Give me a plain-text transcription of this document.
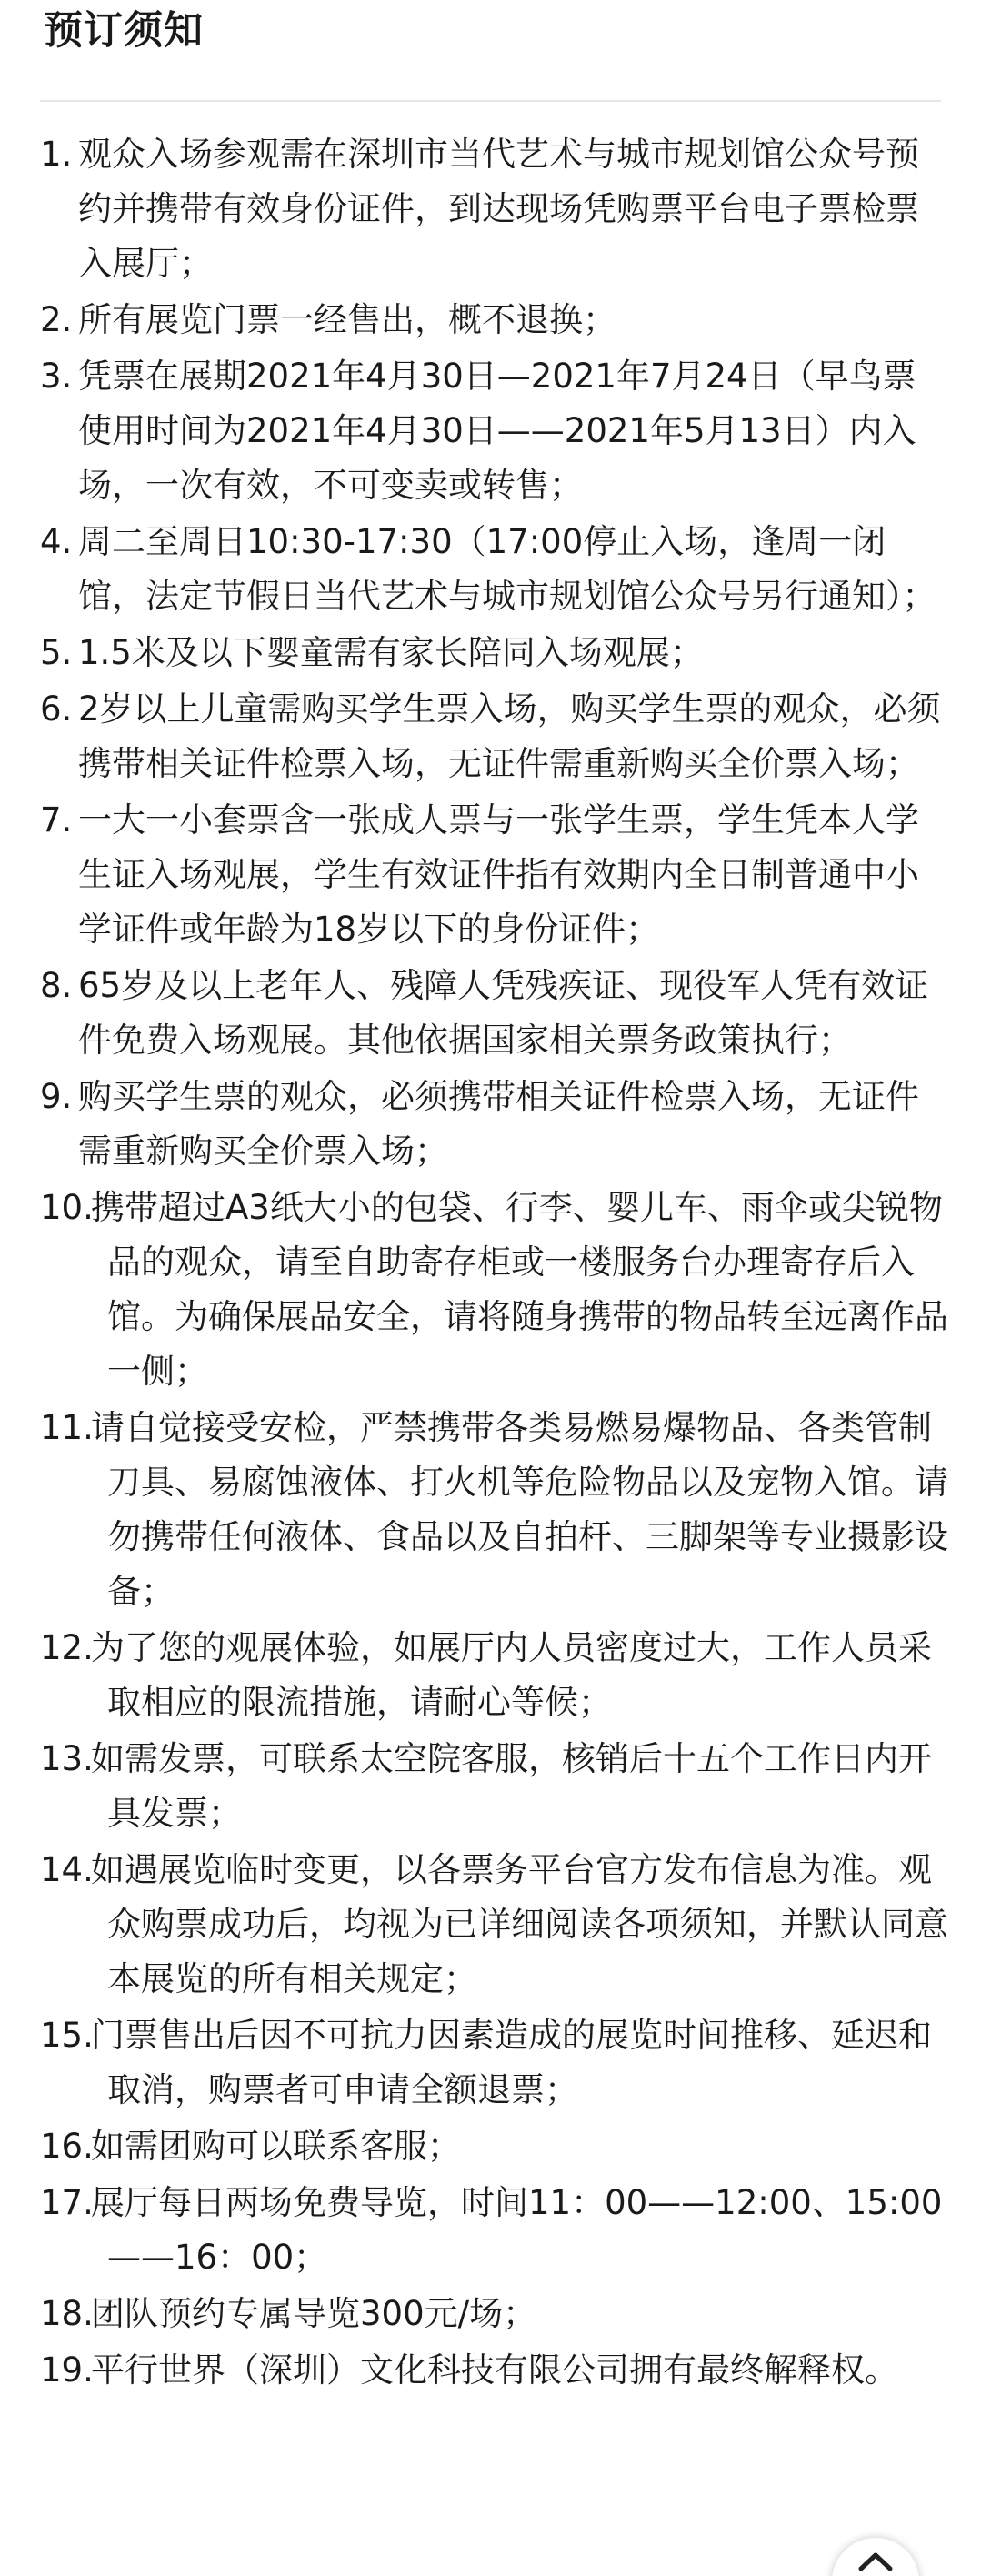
预订须知
1. 观众入场参观需在深圳市当代艺术与城市规划馆公众号预约并携带有效身份证件，到达现场凭购票平台电子票检票入展厅；
2. 所有展览门票一经售出，概不退换；
3. 凭票在展期2021年4月30日—2021年7月24日（早鸟票使用时间为2021年4月30日——2021年5月13日）内入场，一次有效，不可变卖或转售；
4. 周二至周日10:30-17:30（17:00停止入场，逢周一闭馆，法定节假日当代艺术与城市规划馆公众号另行通知）；
5. 1.5米及以下婴童需有家长陪同入场观展；
6. 2岁以上儿童需购买学生票入场，购买学生票的观众，必须携带相关证件检票入场，无证件需重新购买全价票入场；
7. 一大一小套票含一张成人票与一张学生票，学生凭本人学生证入场观展，学生有效证件指有效期内全日制普通中小学证件或年龄为18岁以下的身份证件；
8. 65岁及以上老年人、残障人凭残疾证、现役军人凭有效证件免费入场观展。其他依据国家相关票务政策执行；
9. 购买学生票的观众，必须携带相关证件检票入场，无证件需重新购买全价票入场；
10.
携带超过A3纸大小的包袋、行李、婴儿车、雨伞或尖锐物品的观众，请至自助寄存柜或一楼服务台办理寄存后入馆。为确保展品安全，请将随身携带的物品转至远离作品一侧；
11.
请自觉接受安检，严禁携带各类易燃易爆物品、各类管制刀具、易腐蚀液体、打火机等危险物品以及宠物入馆。请勿携带任何液体、食品以及自拍杆、三脚架等专业摄影设备；
12.
为了您的观展体验，如展厅内人员密度过大，工作人员采取相应的限流措施，请耐心等候；
13.
如需发票，可联系太空院客服，核销后十五个工作日内开具发票；
14.
如遇展览临时变更，以各票务平台官方发布信息为准。观众购票成功后，均视为已详细阅读各项须知，并默认同意本展览的所有相关规定；
15.
门票售出后因不可抗力因素造成的展览时间推移、延迟和取消，购票者可申请全额退票；
16.
如需团购可以联系客服；
17.
展厅每日两场免费导览，时间11：00——12:00、15:00——16：00；
18.
团队预约专属导览300元/场；
19.
平行世界（深圳）文化科技有限公司拥有最终解释权。
